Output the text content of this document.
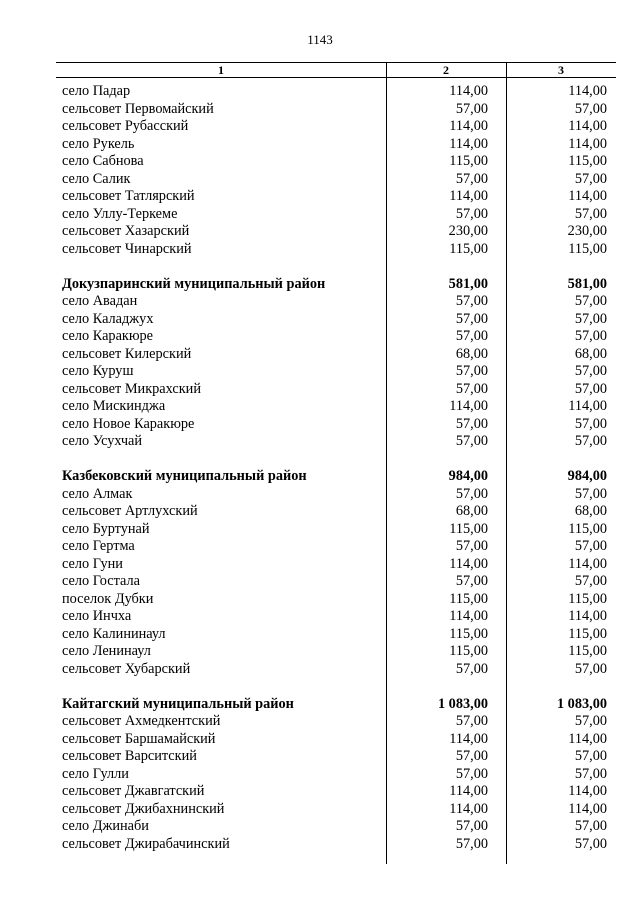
1143
1	2	3
село Падар	114,00	114,00
сельсовет Первомайский	57,00	57,00
сельсовет Рубасский	114,00	114,00
село Рукель	114,00	114,00
село Сабнова	115,00	115,00
село Салик	57,00	57,00
сельсовет Татлярский	114,00	114,00
село Уллу-Теркеме	57,00	57,00
сельсовет Хазарский	230,00	230,00
сельсовет Чинарский	115,00	115,00
Докузпаринский муниципальный район	581,00	581,00
село Авадан	57,00	57,00
село Каладжух	57,00	57,00
село Каракюре	57,00	57,00
сельсовет Килерский	68,00	68,00
село Куруш	57,00	57,00
сельсовет Микрахский	57,00	57,00
село Мискинджа	114,00	114,00
село Новое Каракюре	57,00	57,00
село Усухчай	57,00	57,00
Казбековский муниципальный район	984,00	984,00
село Алмак	57,00	57,00
сельсовет Артлухский	68,00	68,00
село Буртунай	115,00	115,00
село Гертма	57,00	57,00
село Гуни	114,00	114,00
село Гостала	57,00	57,00
поселок Дубки	115,00	115,00
село Инчха	114,00	114,00
село Калининаул	115,00	115,00
село Ленинаул	115,00	115,00
сельсовет Хубарский	57,00	57,00
Кайтагский муниципальный район	1 083,00	1 083,00
сельсовет Ахмедкентский	57,00	57,00
сельсовет Баршамайский	114,00	114,00
сельсовет Варситский	57,00	57,00
село Гулли	57,00	57,00
сельсовет Джавгатский	114,00	114,00
сельсовет Джибахнинский	114,00	114,00
село Джинаби	57,00	57,00
сельсовет Джирабачинский	57,00	57,00
